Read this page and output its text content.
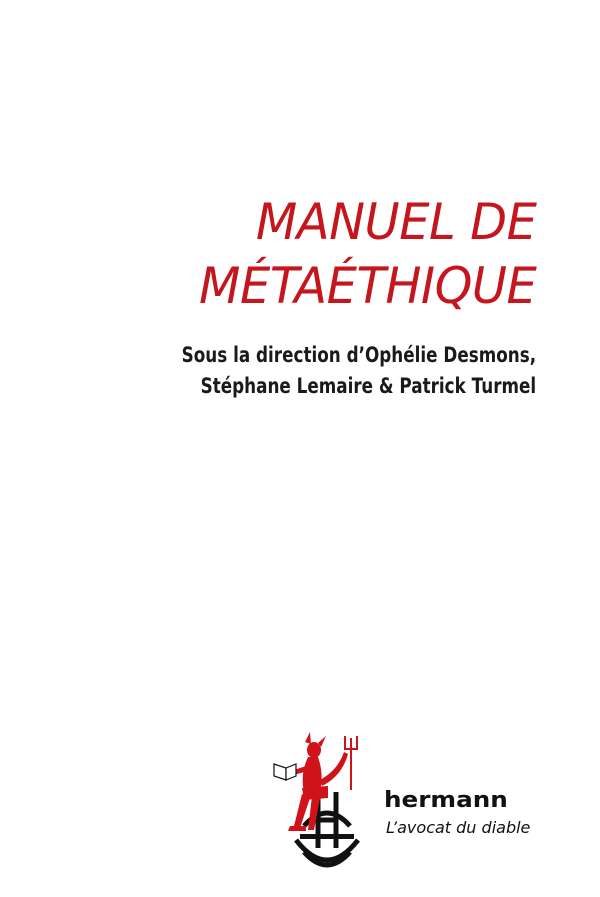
MANUEL DE
MÉTAÉTHIQUE
Sous la direction d’Ophélie Desmons,
Stéphane Lemaire & Patrick Turmel
hermann
L’avocat du diable
